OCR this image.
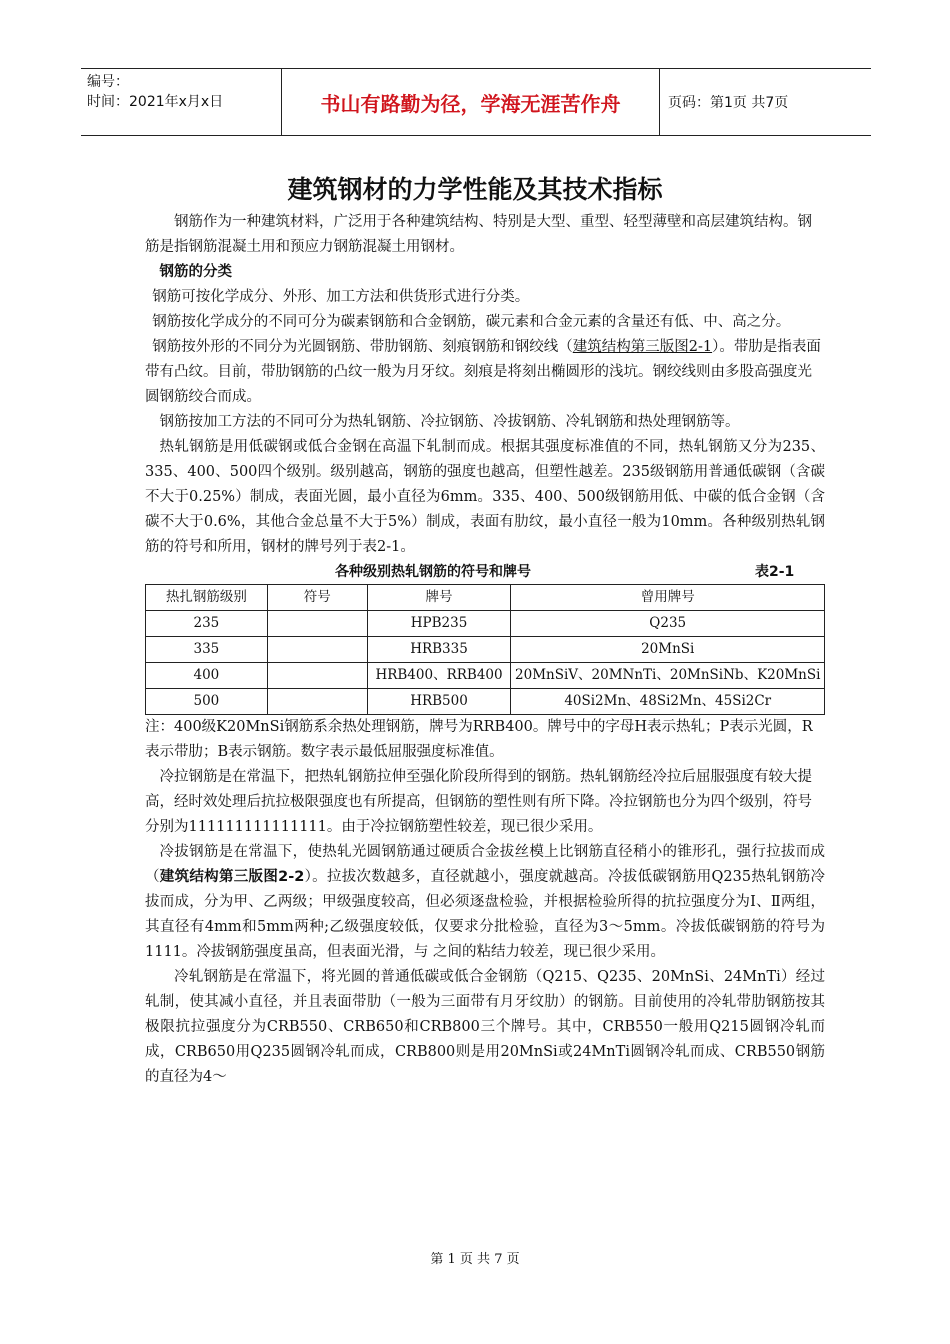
编号：
时间：2021年x月x日	书山有路勤为径，学海无涯苦作舟	页码：第1页 共7页
建筑钢材的力学性能及其技术指标

钢筋作为一种建筑材料，广泛用于各种建筑结构、特别是大型、重型、轻型薄壁和高层建筑结构。钢筋是指钢筋混凝土用和预应力钢筋混凝土用钢材。

钢筋的分类

钢筋可按化学成分、外形、加工方法和供货形式进行分类。

钢筋按化学成分的不同可分为碳素钢筋和合金钢筋，碳元素和合金元素的含量还有低、中、高之分。

钢筋按外形的不同分为光圆钢筋、带肋钢筋、刻痕钢筋和钢绞线（建筑结构第三版图2-1）。带肋是指表面带有凸纹。目前，带肋钢筋的凸纹一般为月牙纹。刻痕是将刻出椭圆形的浅坑。钢绞线则由多股高强度光圆钢筋绞合而成。

钢筋按加工方法的不同可分为热轧钢筋、冷拉钢筋、冷拔钢筋、冷轧钢筋和热处理钢筋等。

热轧钢筋是用低碳钢或低合金钢在高温下轧制而成。根据其强度标准值的不同，热轧钢筋又分为235、335、400、500四个级别。级别越高，钢筋的强度也越高，但塑性越差。235级钢筋用普通低碳钢（含碳不大于0.25%）制成，表面光圆，最小直径为6mm。335、400、500级钢筋用低、中碳的低合金钢（含碳不大于0.6%，其他合金总量不大于5%）制成，表面有肋纹，最小直径一般为10mm。各种级别热轧钢筋的符号和所用，钢材的牌号列于表2-1。

各种级别热轧钢筋的符号和牌号	表2-1
热扎钢筋级别	符号	牌号	曾用牌号
235		HPB235	Q235
335		HRB335	20MnSi
400		HRB400、RRB400	20MnSiV、20MNnTi、20MnSiNb、K20MnSi
500		HRB500	40Si2Mn、48Si2Mn、45Si2Cr

注：400级K20MnSi钢筋系余热处理钢筋，牌号为RRB400。牌号中的字母H表示热轧；P表示光圆，R表示带肋；B表示钢筋。数字表示最低屈服强度标准值。

冷拉钢筋是在常温下，把热轧钢筋拉伸至强化阶段所得到的钢筋。热轧钢筋经冷拉后屈服强度有较大提高，经时效处理后抗拉极限强度也有所提高，但钢筋的塑性则有所下降。冷拉钢筋也分为四个级别，符号分别为111111111111111。由于冷拉钢筋塑性较差，现已很少采用。

冷拔钢筋是在常温下，使热轧光圆钢筋通过硬质合金拔丝模上比钢筋直径稍小的锥形孔，强行拉拔而成（建筑结构第三版图2-2）。拉拔次数越多，直径就越小，强度就越高。冷拔低碳钢筋用Q235热轧钢筋冷拔而成，分为甲、乙两级；甲级强度较高，但必须逐盘检验，并根据检验所得的抗拉强度分为Ⅰ、Ⅱ两组，其直径有4mm和5mm两种;乙级强度较低，仅要求分批检验，直径为3～5mm。冷拔低碳钢筋的符号为1111。冷拔钢筋强度虽高，但表面光滑，与 之间的粘结力较差，现已很少采用。

冷轧钢筋是在常温下，将光圆的普通低碳或低合金钢筋（Q215、Q235、20MnSi、24MnTi）经过轧制，使其减小直径，并且表面带肋（一般为三面带有月牙纹肋）的钢筋。目前使用的冷轧带肋钢筋按其极限抗拉强度分为CRB550、CRB650和CRB800三个牌号。其中，CRB550一般用Q215圆钢冷轧而成，CRB650用Q235圆钢冷轧而成，CRB800则是用20MnSi或24MnTi圆钢冷轧而成、CRB550钢筋的直径为4～

第 1 页 共 7 页
